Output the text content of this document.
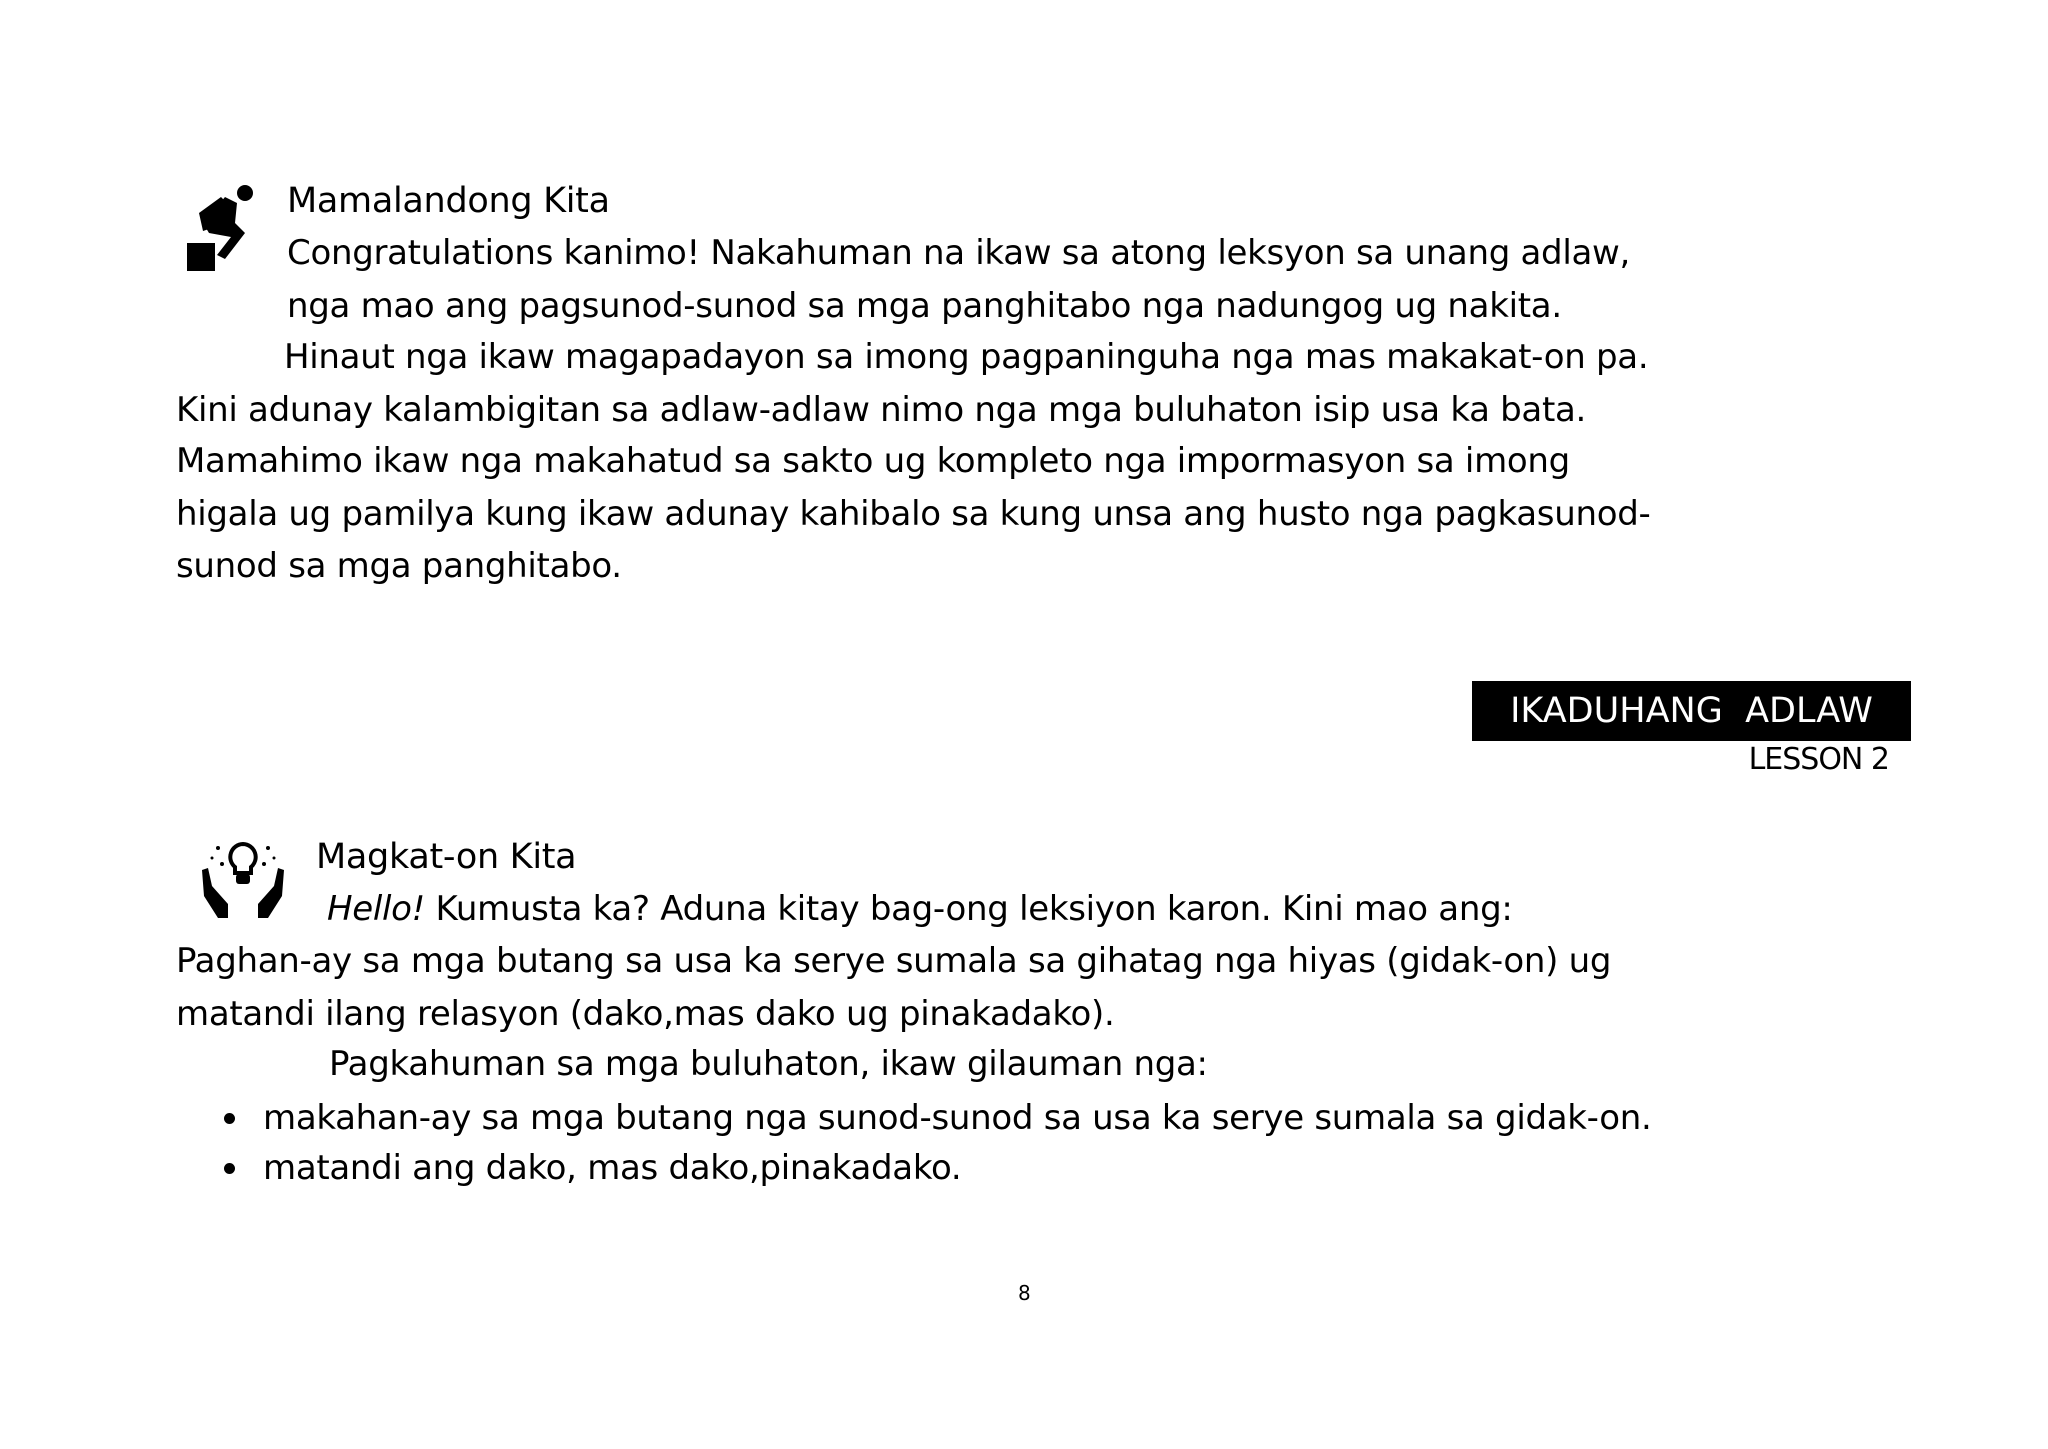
Mamalandong Kita
Congratulations kanimo! Nakahuman na ikaw sa atong leksyon sa unang adlaw,
nga mao ang pagsunod-sunod sa mga panghitabo nga nadungog ug nakita.
Hinaut nga ikaw magapadayon sa imong pagpaninguha nga mas makakat-on pa.
Kini adunay kalambigitan sa adlaw-adlaw nimo nga mga buluhaton isip usa ka bata.
Mamahimo ikaw nga makahatud sa sakto ug kompleto nga impormasyon sa imong
higala ug pamilya kung ikaw adunay kahibalo sa kung unsa ang husto nga pagkasunod-
sunod sa mga panghitabo.
IKADUHANG  ADLAW
LESSON 2
Magkat-on Kita
Hello! Kumusta ka? Aduna kitay bag-ong leksiyon karon. Kini mao ang:
Paghan-ay sa mga butang sa usa ka serye sumala sa gihatag nga hiyas (gidak-on) ug
matandi ilang relasyon (dako,mas dako ug pinakadako).
Pagkahuman sa mga buluhaton, ikaw gilauman nga:
makahan-ay sa mga butang nga sunod-sunod sa usa ka serye sumala sa gidak-on.
matandi ang dako, mas dako,pinakadako.
8
